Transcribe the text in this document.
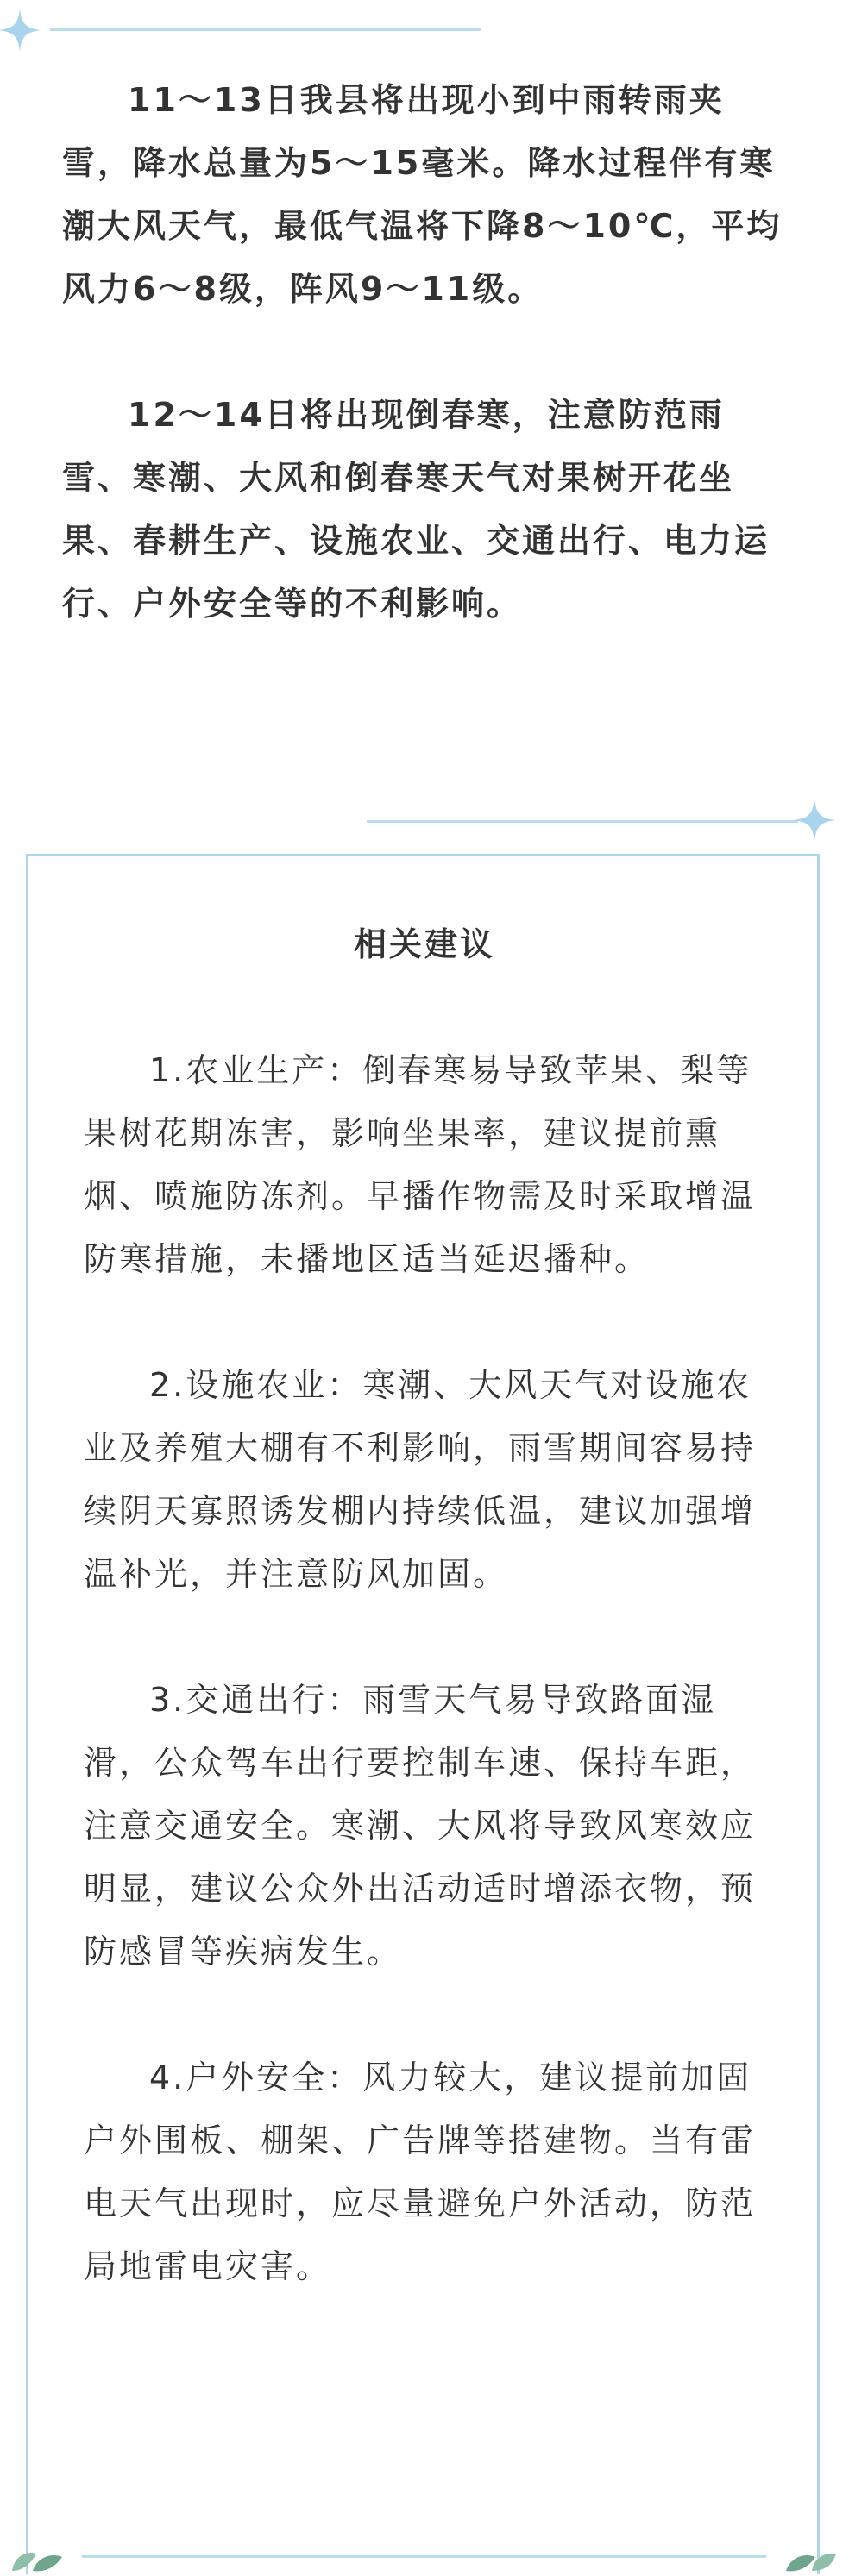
11～13日我县将出现小到中雨转雨夹雪，降水总量为5～15毫米。降水过程伴有寒潮大风天气，最低气温将下降8～10℃，平均风力6～8级，阵风9～11级。

12～14日将出现倒春寒，注意防范雨雪、寒潮、大风和倒春寒天气对果树开花坐果、春耕生产、设施农业、交通出行、电力运行、户外安全等的不利影响。

相关建议

1.农业生产：倒春寒易导致苹果、梨等果树花期冻害，影响坐果率，建议提前熏烟、喷施防冻剂。早播作物需及时采取增温防寒措施，未播地区适当延迟播种。

2.设施农业：寒潮、大风天气对设施农业及养殖大棚有不利影响，雨雪期间容易持续阴天寡照诱发棚内持续低温，建议加强增温补光，并注意防风加固。

3.交通出行：雨雪天气易导致路面湿滑，公众驾车出行要控制车速、保持车距，注意交通安全。寒潮、大风将导致风寒效应明显，建议公众外出活动适时增添衣物，预防感冒等疾病发生。

4.户外安全：风力较大，建议提前加固户外围板、棚架、广告牌等搭建物。当有雷电天气出现时，应尽量避免户外活动，防范局地雷电灾害。
